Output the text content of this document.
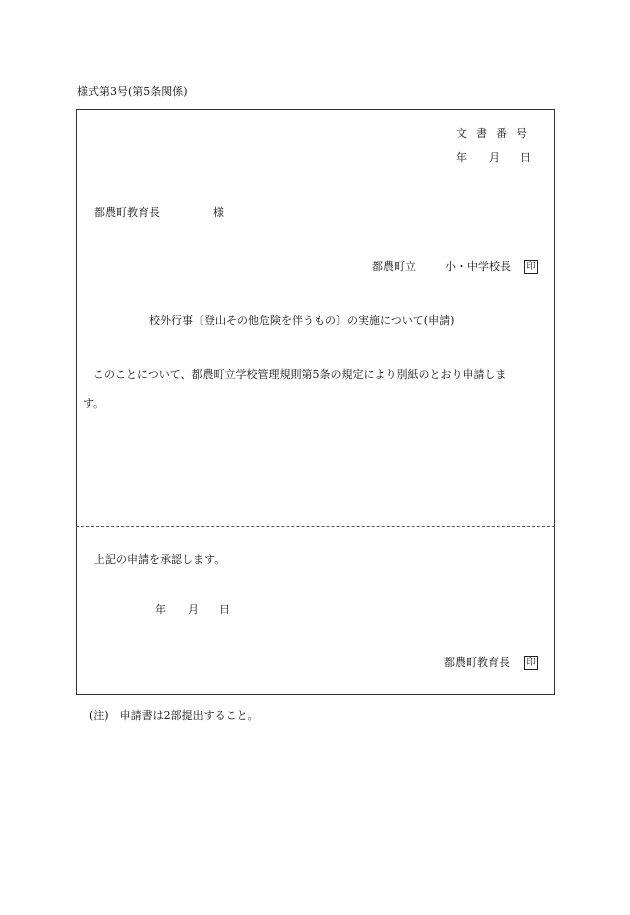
様式第3号(第5条関係)
文書番号
年 月 日
都農町教育長	様
都農町立	小・中学校長 印
校外行事〔登山その他危険を伴うもの〕の実施について(申請)
このことについて、都農町立学校管理規則第5条の規定により別紙のとおり申請しま
す。
上記の申請を承認します。
年 月 日
都農町教育長 印
(注)　申請書は2部提出すること。
